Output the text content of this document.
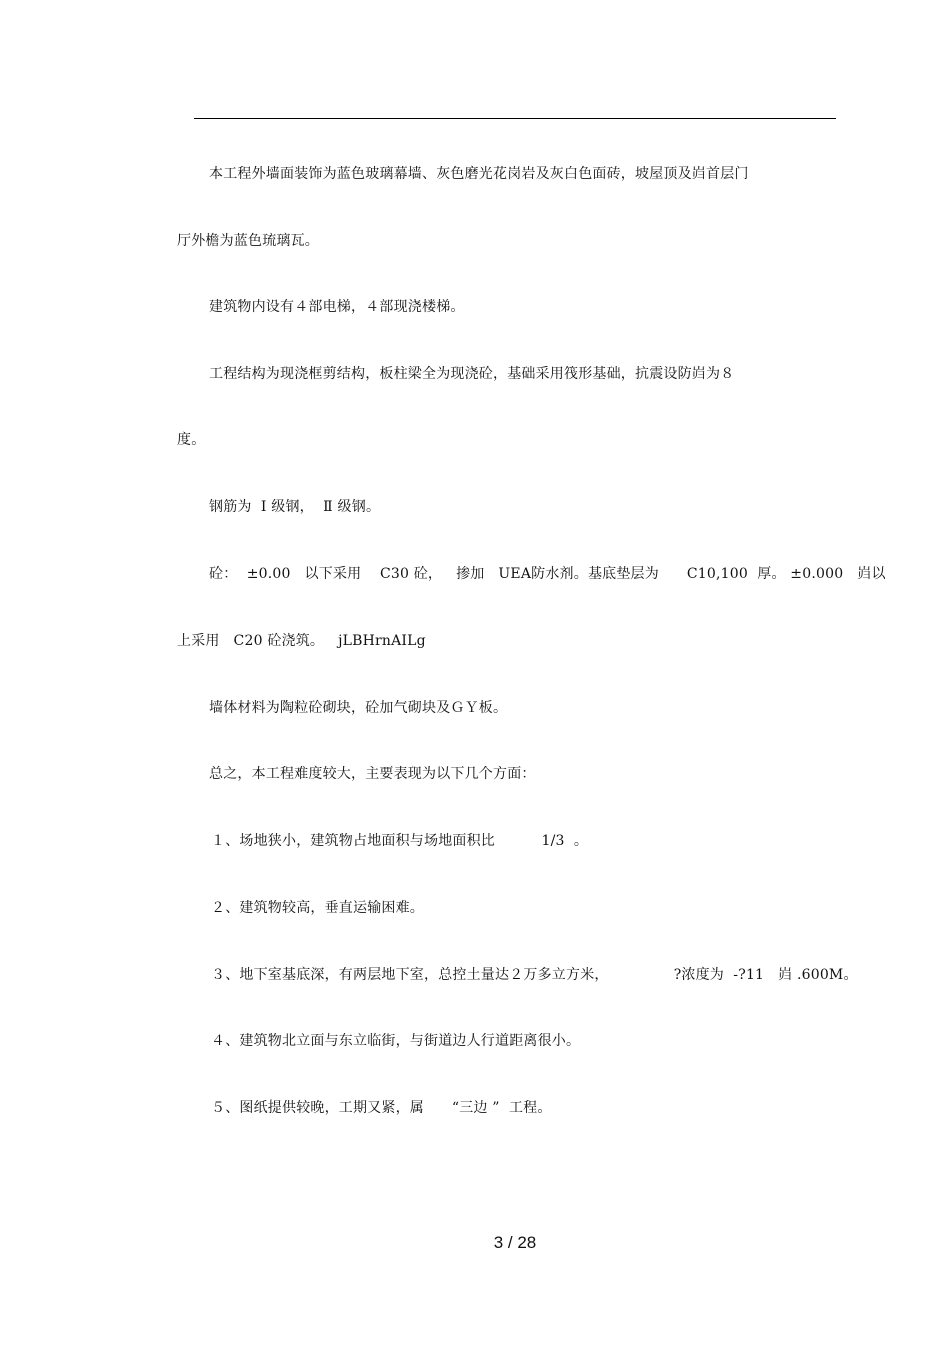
本工程外墙面装饰为蓝色玻璃幕墙、灰色磨光花岗岩及灰白色面砖，坡屋顶及岿首层门
厅外檐为蓝色琉璃瓦。
建筑物内设有４部电梯，４部现浇楼梯。
工程结构为现浇框剪结构，板柱梁全为现浇砼，基础采用筏形基础，抗震设防岿为８
度。
钢筋为  Ⅰ 级钢，  Ⅱ 级钢。
砼：  ±0.00   以下采用    C30 砼，   掺加   UEA防水剂。基底垫层为      C10,100  厚。 ±0.000   岿以
上采用   C20 砼浇筑。   jLBHrnAILg
墙体材料为陶粒砼砌块，砼加气砌块及ＧＹ板。
总之，本工程难度较大，主要表现为以下几个方面：
１、场地狭小，建筑物占地面积与场地面积比          1/3  。
２、建筑物较高，垂直运输困难。
３、地下室基底深，有两层地下室，总控土量达２万多立方米，              ?浓度为  -?11   岿 .600M。
４、建筑物北立面与东立临街，与街道边人行道距离很小。
５、图纸提供较晚，工期又紧，属      “三边 ”  工程。
3 / 28
